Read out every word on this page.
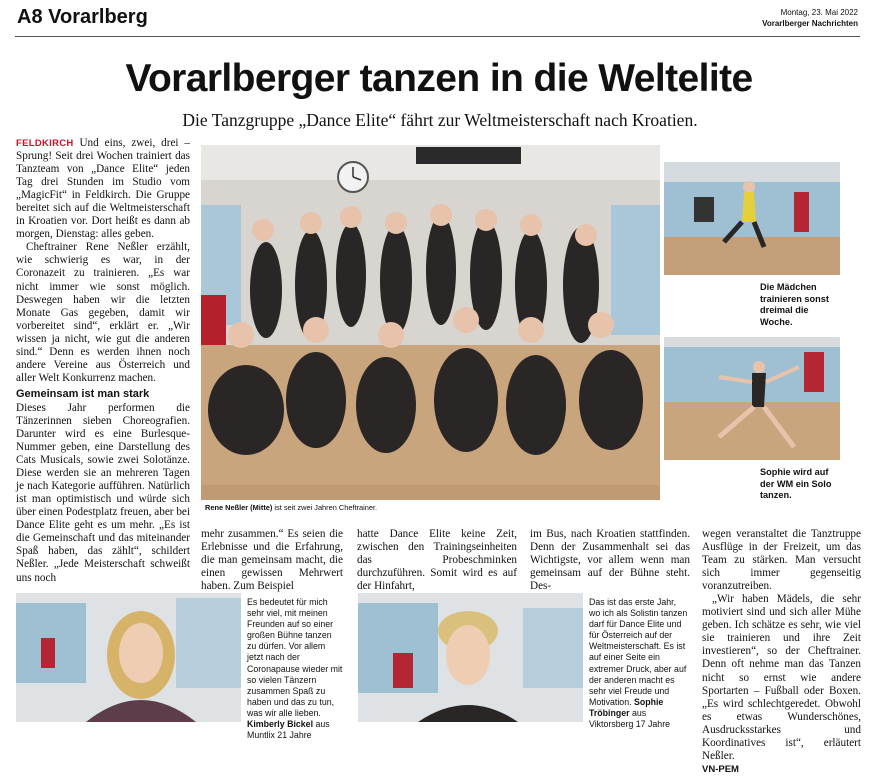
A8 Vorarlberg	Montag, 23. Mai 2022
Vorarlberger Nachrichten
Vorarlberger tanzen in die Weltelite
Die Tanzgruppe „Dance Elite“ fährt zur Weltmeisterschaft nach Kroatien.

FELDKIRCH Und eins, zwei, drei – Sprung! Seit drei Wochen trainiert das Tanzteam von „Dance Elite“ jeden Tag drei Stunden im Studio vom „MagicFit“ in Feldkirch. Die Gruppe bereitet sich auf die Weltmeisterschaft in Kroatien vor. Dort heißt es dann ab morgen, Dienstag: alles geben.

Cheftrainer Rene Neßler erzählt, wie schwierig es war, in der Coronazeit zu trainieren. „Es war nicht immer wie sonst möglich. Deswegen haben wir die letzten Monate Gas gegeben, damit wir vorbereitet sind“, erklärt er. „Wir wissen ja nicht, wie gut die anderen sind.“ Denn es werden ihnen noch andere Vereine aus Österreich und aller Welt Konkurrenz machen.

Gemeinsam ist man stark

Dieses Jahr performen die Tänzerinnen sieben Choreografien. Darunter wird es eine Burlesque-Nummer geben, eine Darstellung des Cats Musicals, sowie zwei Solotänze. Diese werden sie an mehreren Tagen je nach Kategorie aufführen. Natürlich ist man optimistisch und würde sich über einen Podestplatz freuen, aber bei Dance Elite geht es um mehr. „Es ist die Gemeinschaft und das miteinander Spaß haben, das zählt“, schildert Neßler. „Jede Meisterschaft schweißt uns noch

Rene Neßler (Mitte) ist seit zwei Jahren Cheftrainer.
Die Mädchen trainieren sonst dreimal die Woche.
Sophie wird auf der WM ein Solo tanzen.
mehr zusammen.“ Es seien die Erlebnisse und die Erfahrung, die man gemeinsam macht, die einen gewissen Mehrwert haben. Zum Beispiel
hatte Dance Elite keine Zeit, zwischen den Trainingseinheiten das Probeschminken durchzuführen. Somit wird es auf der Hinfahrt,
im Bus, nach Kroatien stattfinden. Denn der Zusammenhalt sei das Wichtigste, vor allem wenn man gemeinsam auf der Bühne steht. Des-

wegen veranstaltet die Tanztruppe Ausflüge in der Freizeit, um das Team zu stärken. Man versucht sich immer gegenseitig voranzutreiben.

„Wir haben Mädels, die sehr motiviert sind und sich aller Mühe geben. Ich schätze es sehr, wie viel sie trainieren und ihre Zeit investieren“, so der Cheftrainer. Denn oft nehme man das Tanzen nicht so ernst wie andere Sportarten – Fußball oder Boxen. „Es wird schlechtgeredet. Obwohl es etwas Wunderschönes, Ausdrucksstarkes und Koordinatives ist“, erläutert Neßler.

VN-PEM

Es bedeutet für mich sehr viel, mit meinen Freunden auf so einer großen Bühne tanzen zu dürfen. Vor allem jetzt nach der Coronapause wieder mit so vielen Tänzern zusammen Spaß zu haben und das zu tun, was wir alle lieben. Kimberly Bickel aus Muntlix 21 Jahre
Das ist das erste Jahr, wo ich als Solistin tanzen darf für Dance Elite und für Österreich auf der Weltmeisterschaft. Es ist auf einer Seite ein extremer Druck, aber auf der anderen macht es sehr viel Freude und Motivation. Sophie Tröbinger aus Viktorsberg 17 Jahre
